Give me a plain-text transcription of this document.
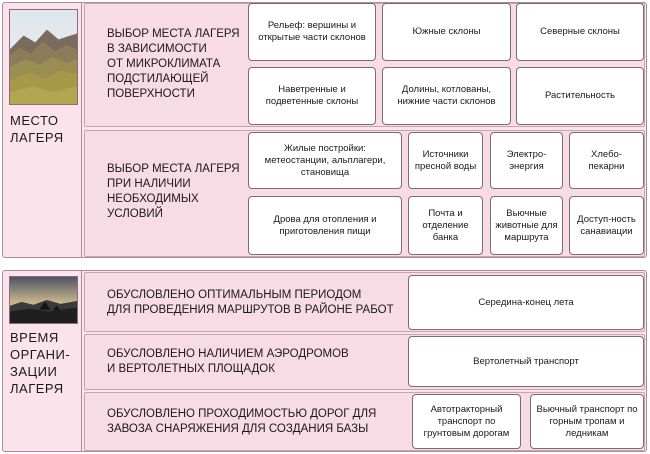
МЕСТО
ЛАГЕРЯ
ВЫБОР МЕСТА ЛАГЕРЯ
В ЗАВИСИМОСТИ
ОТ МИКРОКЛИМАТА
ПОДСТИЛАЮЩЕЙ
ПОВЕРХНОСТИ
Рельеф: вершины и открытые части склонов
Южные склоны	Северные склоны
Наветренные и подветенные склоны
Долины, котлованы, нижние части склонов
Растительность
ВЫБОР МЕСТА ЛАГЕРЯ
ПРИ НАЛИЧИИ
НЕОБХОДИМЫХ
УСЛОВИЙ
Жилые постройки: метеостанции, альплагери, становища
Источники пресной воды
Электро-энергия
Хлебо-пекарни
Дрова для отопления и приготовления пищи
Почта и отделение банка
Вьючные животные для маршрута
Доступ-ность санавиации
ВРЕМЯ
ОРГАНИ-
ЗАЦИИ
ЛАГЕРЯ
ОБУСЛОВЛЕНО ОПТИМАЛЬНЫМ ПЕРИОДОМ
ДЛЯ ПРОВЕДЕНИЯ МАРШРУТОВ В РАЙОНЕ РАБОТ
Середина-конец лета
ОБУСЛОВЛЕНО НАЛИЧИЕМ АЭРОДРОМОВ
И ВЕРТОЛЕТНЫХ ПЛОЩАДОК
Вертолетный транспорт
ОБУСЛОВЛЕНО ПРОХОДИМОСТЬЮ ДОРОГ ДЛЯ
ЗАВОЗА СНАРЯЖЕНИЯ ДЛЯ СОЗДАНИЯ БАЗЫ
Автотракторный транспорт по грунтовым дорогам
Вьючный транспорт по горным тропам и ледникам
